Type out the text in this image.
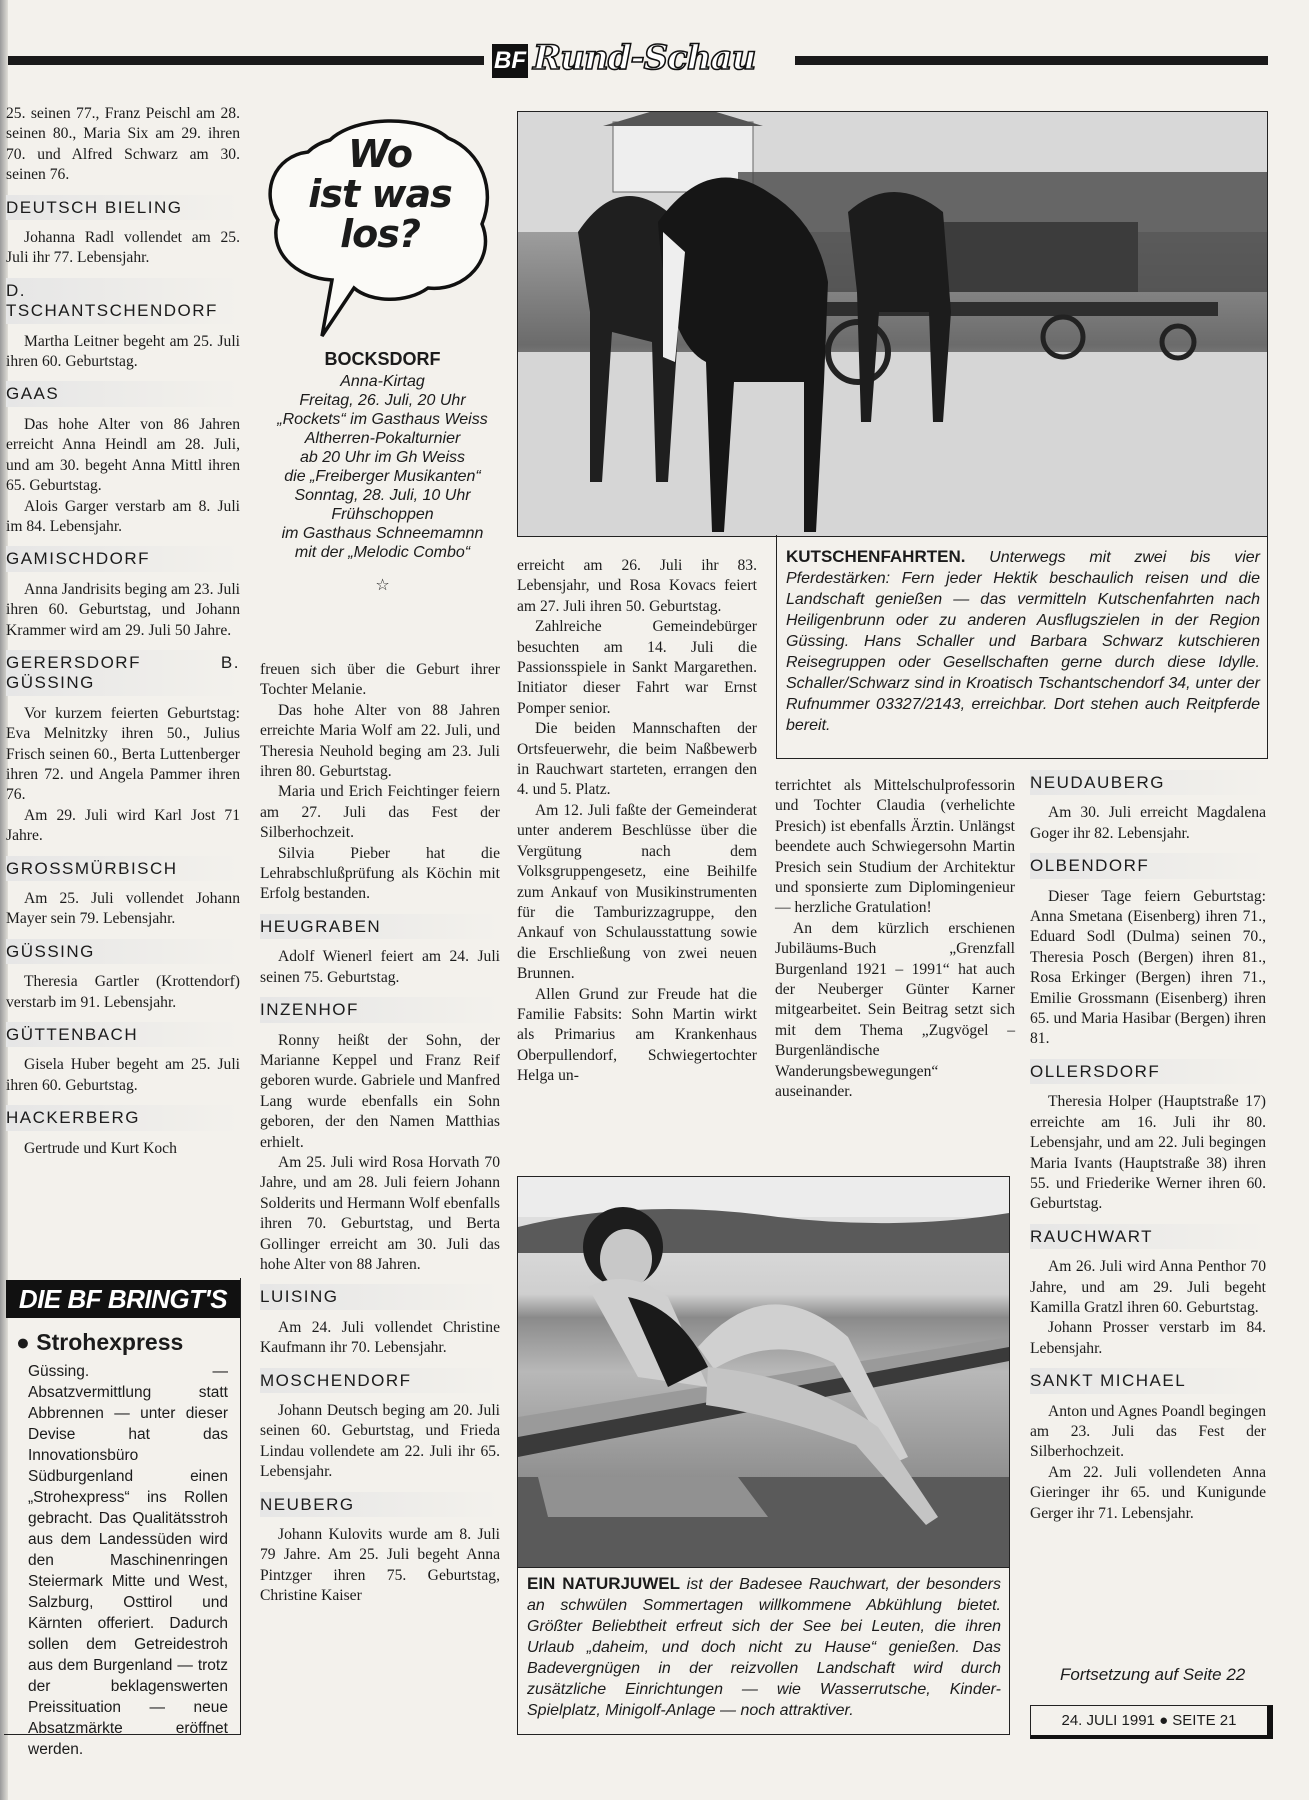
BF Rund-Schau

25. seinen 77., Franz Peischl am 28. seinen 80., Maria Six am 29. ihren 70. und Alfred Schwarz am 30. seinen 76.

DEUTSCH BIELING

Johanna Radl vollendet am 25. Juli ihr 77. Lebensjahr.

D. TSCHANTSCHENDORF

Martha Leitner begeht am 25. Juli ihren 60. Geburtstag.

GAAS

Das hohe Alter von 86 Jahren erreicht Anna Heindl am 28. Juli, und am 30. begeht Anna Mittl ihren 65. Geburtstag.

Alois Garger verstarb am 8. Juli im 84. Lebensjahr.

GAMISCHDORF

Anna Jandrisits beging am 23. Juli ihren 60. Geburtstag, und Johann Krammer wird am 29. Juli 50 Jahre.

GERERSDORF B. GÜSSING

Vor kurzem feierten Geburtstag: Eva Melnitzky ihren 50., Julius Frisch seinen 60., Berta Luttenberger ihren 72. und Angela Pammer ihren 76.

Am 29. Juli wird Karl Jost 71 Jahre.

GROSSMÜRBISCH

Am 25. Juli vollendet Johann Mayer sein 79. Lebensjahr.

GÜSSING

Theresia Gartler (Krottendorf) verstarb im 91. Lebensjahr.

GÜTTENBACH

Gisela Huber begeht am 25. Juli ihren 60. Geburtstag.

HACKERBERG

Gertrude und Kurt Koch

DIE BF BRINGT'S
● Strohexpress
Güssing. — Absatzvermittlung statt Abbrennen — unter dieser Devise hat das Innovationsbüro Südburgenland einen „Strohexpress“ ins Rollen gebracht. Das Qualitätsstroh aus dem Landessüden wird den Maschinenringen Steiermark Mitte und West, Salzburg, Osttirol und Kärnten offeriert. Dadurch sollen dem Getreidestroh aus dem Burgenland — trotz der beklagenswerten Preissituation — neue Absatzmärkte eröffnet werden.
Wo
ist was
los?
BOCKSDORF
Anna-Kirtag
Freitag, 26. Juli, 20 Uhr
„Rockets“ im Gasthaus Weiss
Altherren-Pokalturnier
ab 20 Uhr im Gh Weiss
die „Freiberger Musikanten“
Sonntag, 28. Juli, 10 Uhr
Frühschoppen
im Gasthaus Schneemamnn
mit der „Melodic Combo“
☆

freuen sich über die Geburt ihrer Tochter Melanie.

Das hohe Alter von 88 Jahren erreichte Maria Wolf am 22. Juli, und Theresia Neuhold beging am 23. Juli ihren 80. Geburtstag.

Maria und Erich Feichtinger feiern am 27. Juli das Fest der Silberhochzeit.

Silvia Pieber hat die Lehrabschlußprüfung als Köchin mit Erfolg bestanden.

HEUGRABEN

Adolf Wienerl feiert am 24. Juli seinen 75. Geburtstag.

INZENHOF

Ronny heißt der Sohn, der Marianne Keppel und Franz Reif geboren wurde. Gabriele und Manfred Lang wurde ebenfalls ein Sohn geboren, der den Namen Matthias erhielt.

Am 25. Juli wird Rosa Horvath 70 Jahre, und am 28. Juli feiern Johann Solderits und Hermann Wolf ebenfalls ihren 70. Geburtstag, und Berta Gollinger erreicht am 30. Juli das hohe Alter von 88 Jahren.

LUISING

Am 24. Juli vollendet Christine Kaufmann ihr 70. Lebensjahr.

MOSCHENDORF

Johann Deutsch beging am 20. Juli seinen 60. Geburtstag, und Frieda Lindau vollendete am 22. Juli ihr 65. Lebensjahr.

NEUBERG

Johann Kulovits wurde am 8. Juli 79 Jahre. Am 25. Juli begeht Anna Pintzger ihren 75. Geburtstag, Christine Kaiser

KUTSCHENFAHRTEN. Unterwegs mit zwei bis vier Pferdestärken: Fern jeder Hektik beschaulich reisen und die Landschaft genießen — das vermitteln Kutschenfahrten nach Heiligenbrunn oder zu anderen Ausflugszielen in der Region Güssing. Hans Schaller und Barbara Schwarz kutschieren Reisegruppen oder Gesellschaften gerne durch diese Idylle. Schaller/Schwarz sind in Kroatisch Tschantschendorf 34, unter der Rufnummer 03327/2143, erreichbar. Dort stehen auch Reitpferde bereit.

erreicht am 26. Juli ihr 83. Lebensjahr, und Rosa Kovacs feiert am 27. Juli ihren 50. Geburtstag.

Zahlreiche Gemeindebürger besuchten am 14. Juli die Passionsspiele in Sankt Margarethen. Initiator dieser Fahrt war Ernst Pomper senior.

Die beiden Mannschaften der Ortsfeuerwehr, die beim Naßbewerb in Rauchwart starteten, errangen den 4. und 5. Platz.

Am 12. Juli faßte der Gemeinderat unter anderem Beschlüsse über die Vergütung nach dem Volksgruppengesetz, eine Beihilfe zum Ankauf von Musikinstrumenten für die Tamburizzagruppe, den Ankauf von Schulausstattung sowie die Erschließung von zwei neuen Brunnen.

Allen Grund zur Freude hat die Familie Fabsits: Sohn Martin wirkt als Primarius am Krankenhaus Oberpullendorf, Schwiegertochter Helga un-

terrichtet als Mittelschulprofessorin und Tochter Claudia (verhelichte Presich) ist ebenfalls Ärztin. Unlängst beendete auch Schwiegersohn Martin Presich sein Studium der Architektur und sponsierte zum Diplomingenieur — herzliche Gratulation!

An dem kürzlich erschienen Jubiläums-Buch „Grenzfall Burgenland 1921 – 1991“ hat auch der Neuberger Günter Karner mitgearbeitet. Sein Beitrag setzt sich mit dem Thema „Zugvögel – Burgenländische Wanderungsbewegungen“ auseinander.

EIN NATURJUWEL ist der Badesee Rauchwart, der besonders an schwülen Sommertagen willkommene Abkühlung bietet. Größter Beliebtheit erfreut sich der See bei Leuten, die ihren Urlaub „daheim, und doch nicht zu Hause“ genießen. Das Badevergnügen in der reizvollen Landschaft wird durch zusätzliche Einrichtungen — wie Wasserrutsche, Kinder-Spielplatz, Minigolf-Anlage — noch attraktiver.
NEUDAUBERG

Am 30. Juli erreicht Magdalena Goger ihr 82. Lebensjahr.

OLBENDORF

Dieser Tage feiern Geburtstag: Anna Smetana (Eisenberg) ihren 71., Eduard Sodl (Dulma) seinen 70., Theresia Posch (Bergen) ihren 81., Rosa Erkinger (Bergen) ihren 71., Emilie Grossmann (Eisenberg) ihren 65. und Maria Hasibar (Bergen) ihren 81.

OLLERSDORF

Theresia Holper (Hauptstraße 17) erreichte am 16. Juli ihr 80. Lebensjahr, und am 22. Juli begingen Maria Ivants (Hauptstraße 38) ihren 55. und Friederike Werner ihren 60. Geburtstag.

RAUCHWART

Am 26. Juli wird Anna Penthor 70 Jahre, und am 29. Juli begeht Kamilla Gratzl ihren 60. Geburtstag.

Johann Prosser verstarb im 84. Lebensjahr.

SANKT MICHAEL

Anton und Agnes Poandl begingen am 23. Juli das Fest der Silberhochzeit.

Am 22. Juli vollendeten Anna Gieringer ihr 65. und Kunigunde Gerger ihr 71. Lebensjahr.

Fortsetzung auf Seite 22
24. JULI 1991 ● SEITE 21
